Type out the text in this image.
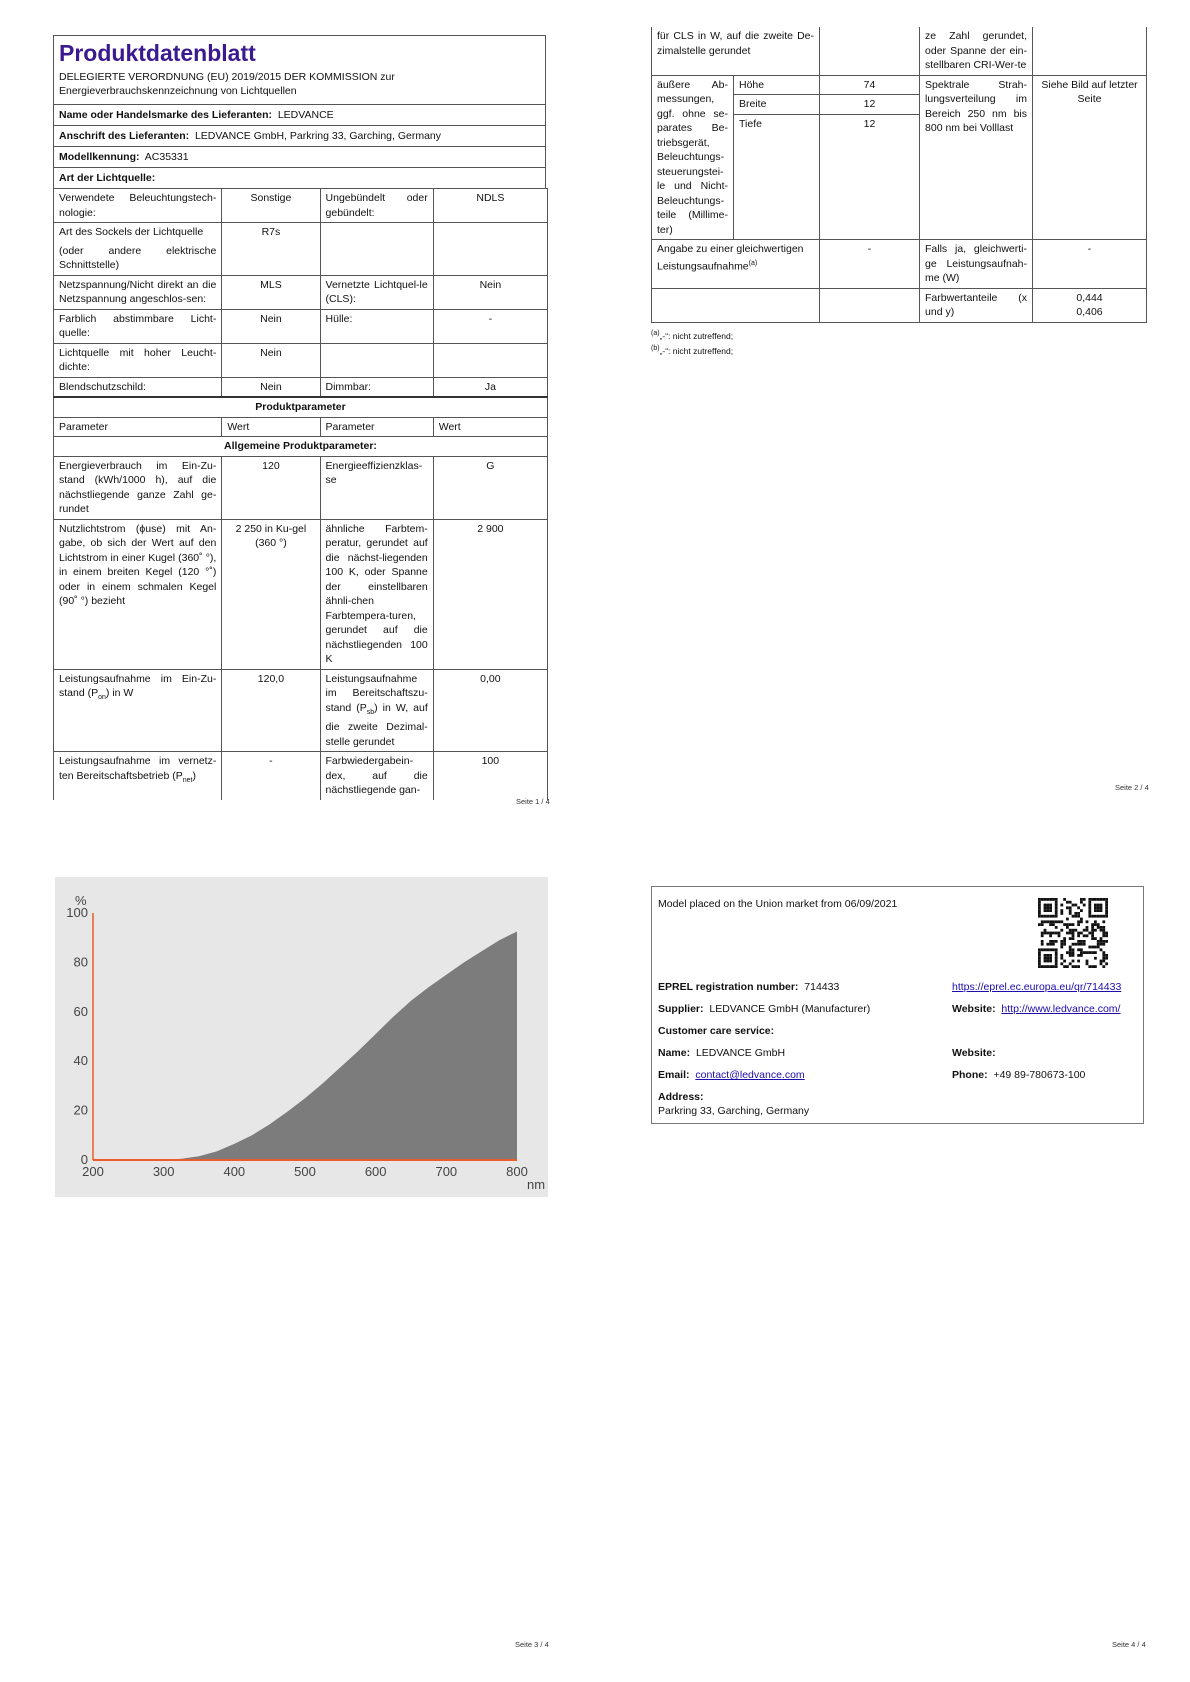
Produktdatenblatt
DELEGIERTE VERORDNUNG (EU) 2019/2015 DER KOMMISSION zur Energieverbrauchskennzeichnung von Lichtquellen
Name oder Handelsmarke des Lieferanten: LEDVANCE
Anschrift des Lieferanten: LEDVANCE GmbH, Parkring 33, Garching, Germany
Modellkennung: AC35331
Art der Lichtquelle:
Verwendete Beleuchtungstech-nologie:	Sonstige	Ungebündelt oder gebündelt:	NDLS

Art des Sockels der Lichtquelle
(oder andere elektrische Schnittstelle)	R7s		
Netzspannung/Nicht direkt an die Netzspannung angeschlos-sen:	MLS	Vernetzte Lichtquel-le (CLS):	Nein
Farblich abstimmbare Licht-quelle:	Nein	Hülle:	-
Lichtquelle mit hoher Leucht-dichte:	Nein		
Blendschutzschild:	Nein	Dimmbar:	Ja
Produktparameter			
Parameter	Wert	Parameter	Wert
Allgemeine Produktparameter:			
Energieverbrauch im Ein-Zu-stand (kWh/1000 h), auf die nächstliegende ganze Zahl ge-rundet	120	Energieeffizienzklas-se	G
Nutzlichtstrom (ϕuse) mit An-gabe, ob sich der Wert auf den Lichtstrom in einer Kugel (360˚ °), in einem breiten Kegel (120 °˚) oder in einem schmalen Kegel (90˚ °) bezieht	2 250 in Ku-gel (360 °)	ähnliche Farbtem-peratur, gerundet auf die nächst-liegenden 100 K, oder Spanne der einstellbaren ähnli-chen Farbtempera-turen, gerundet auf die nächstliegenden 100 K	2 900
Leistungsaufnahme im Ein-Zu-stand $(P_{on})$ in W	120,0	Leistungsaufnahme im Bereitschaftszu-stand $(P_{sb})$ in W, auf die zweite Dezimal-stelle gerundet	0,00
Leistungsaufnahme im vernetz-ten Bereitschaftsbetrieb $(P_{net})$	-	Farbwiedergabein-dex, auf die nächstliegende gan-	100
Seite 1 / 4
für CLS in W, auf die zweite De-zimalstelle gerundet			ze Zahl gerundet, oder Spanne der ein-stellbaren CRI-Wer-te	
äußere Ab-messungen, ggf. ohne se-parates Be-triebsgerät, Beleuchtungs-steuerungstei-le und Nicht-Beleuchtungs-teile (Millime-ter)	Höhe	74	Spektrale Strah-lungsverteilung im Bereich 250 nm bis 800 nm bei Volllast	Siehe Bild auf letzter Seite
	Breite	12		
	Tiefe	12		
Angabe zu einer gleichwertigen Leistungsaufnahme$^{(a)}$		-	Falls ja, gleichwerti-ge Leistungsaufnah-me (W)	-
			Farbwertanteile (x und y)	0,444
0,406
$^{(a)}$„-“: nicht zutreffend;
$^{(b)}$„-“: nicht zutreffend;
Seite 2 / 4
200	300	400	500	600	700	800
0
20
40
60
80
100
%
nm
Seite 3 / 4
Model placed on the Union market from 06/09/2021
EPREL registration number: 714433	https://eprel.ec.europa.eu/qr/714433
Supplier: LEDVANCE GmbH (Manufacturer)	Website: http://www.ledvance.com/
Customer care service:
Name: LEDVANCE GmbH	Website:
Email: contact@ledvance.com	Phone: +49 89-780673-100
Address:
Parkring 33, Garching, Germany
Seite 4 / 4
